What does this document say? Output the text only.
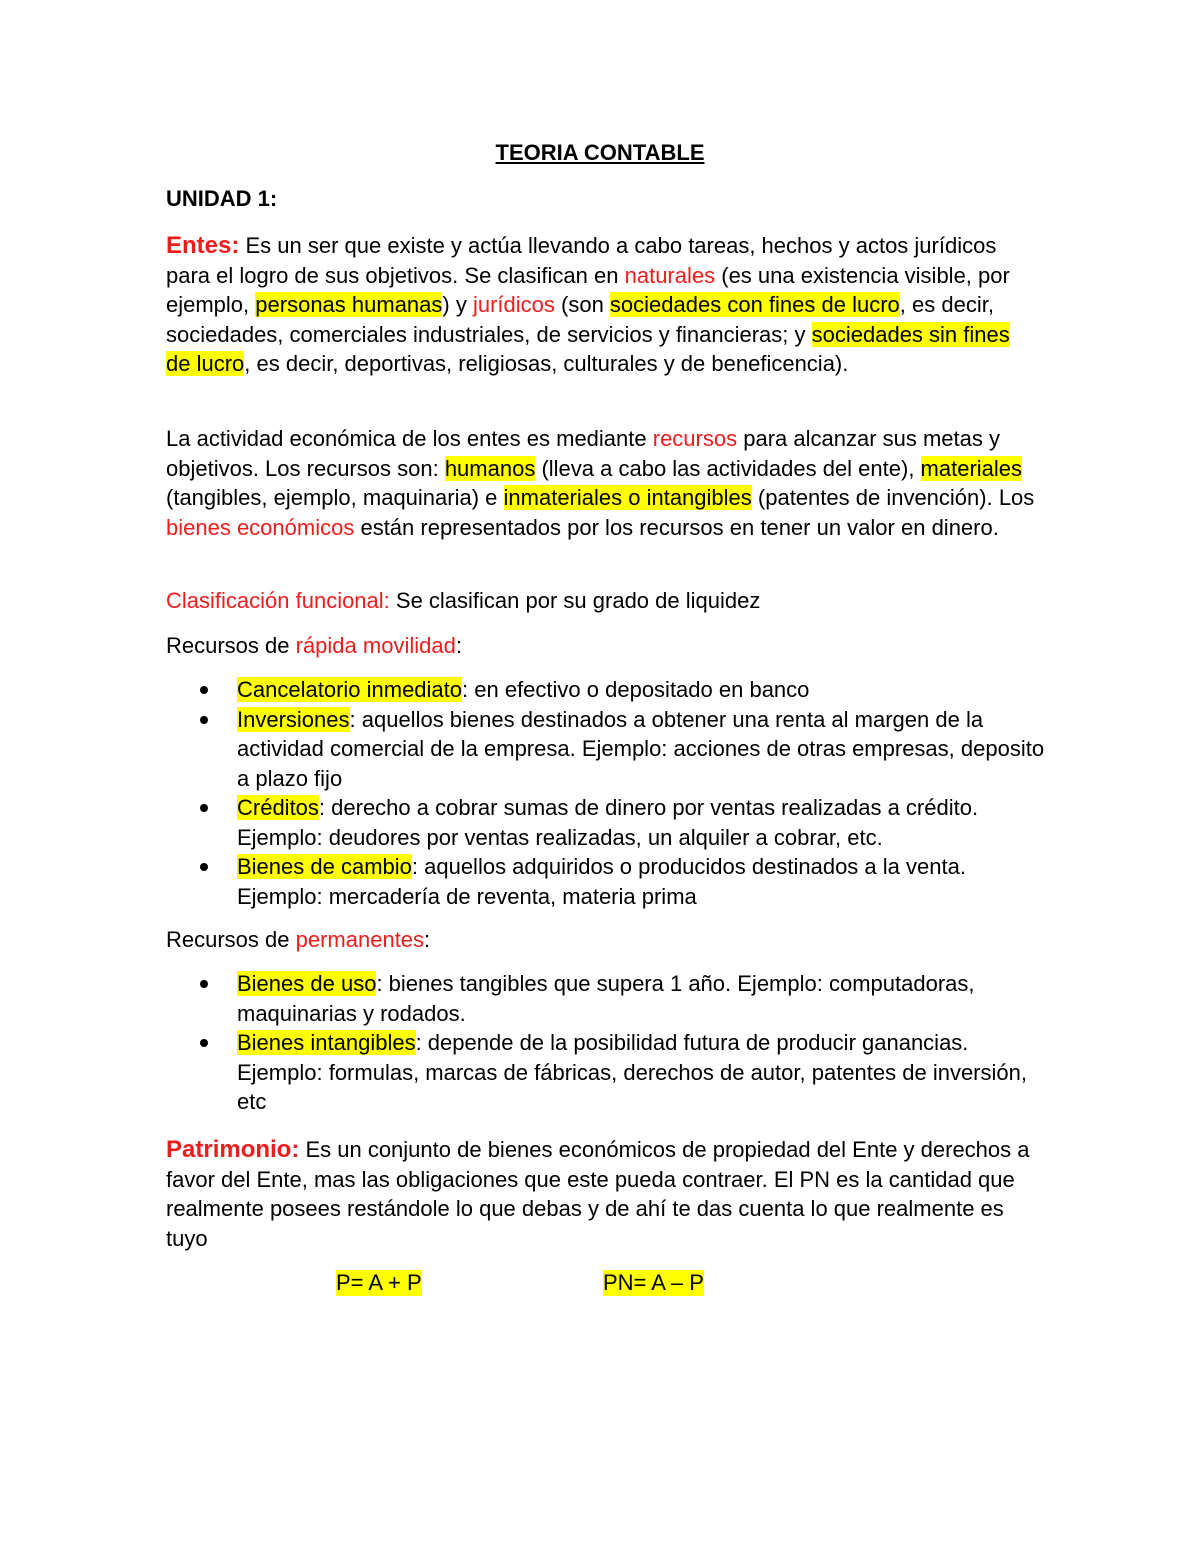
TEORIA CONTABLE
UNIDAD 1:

Entes: Es un ser que existe y actúa llevando a cabo tareas, hechos y actos jurídicos para el logro de sus objetivos. Se clasifican en naturales (es una existencia visible, por ejemplo, personas humanas) y jurídicos (son sociedades con fines de lucro, es decir, sociedades, comerciales industriales, de servicios y financieras; y sociedades sin fines de lucro, es decir, deportivas, religiosas, culturales y de beneficencia).

La actividad económica de los entes es mediante recursos para alcanzar sus metas y objetivos. Los recursos son: humanos (lleva a cabo las actividades del ente), materiales (tangibles, ejemplo, maquinaria) e inmateriales o intangibles (patentes de invención). Los bienes económicos están representados por los recursos en tener un valor en dinero.

Clasificación funcional: Se clasifican por su grado de liquidez

Recursos de rápida movilidad:

Cancelatorio inmediato: en efectivo o depositado en banco
Inversiones: aquellos bienes destinados a obtener una renta al margen de la actividad comercial de la empresa. Ejemplo: acciones de otras empresas, deposito a plazo fijo
Créditos: derecho a cobrar sumas de dinero por ventas realizadas a crédito. Ejemplo: deudores por ventas realizadas, un alquiler a cobrar, etc.
Bienes de cambio: aquellos adquiridos o producidos destinados a la venta. Ejemplo: mercadería de reventa, materia prima

Recursos de permanentes:

Bienes de uso: bienes tangibles que supera 1 año. Ejemplo: computadoras, maquinarias y rodados.
Bienes intangibles: depende de la posibilidad futura de producir ganancias. Ejemplo: formulas, marcas de fábricas, derechos de autor, patentes de inversión, etc

Patrimonio: Es un conjunto de bienes económicos de propiedad del Ente y derechos a favor del Ente, mas las obligaciones que este pueda contraer. El PN es la cantidad que realmente posees restándole lo que debas y de ahí te das cuenta lo que realmente es tuyo

P= A + P	PN= A – P
